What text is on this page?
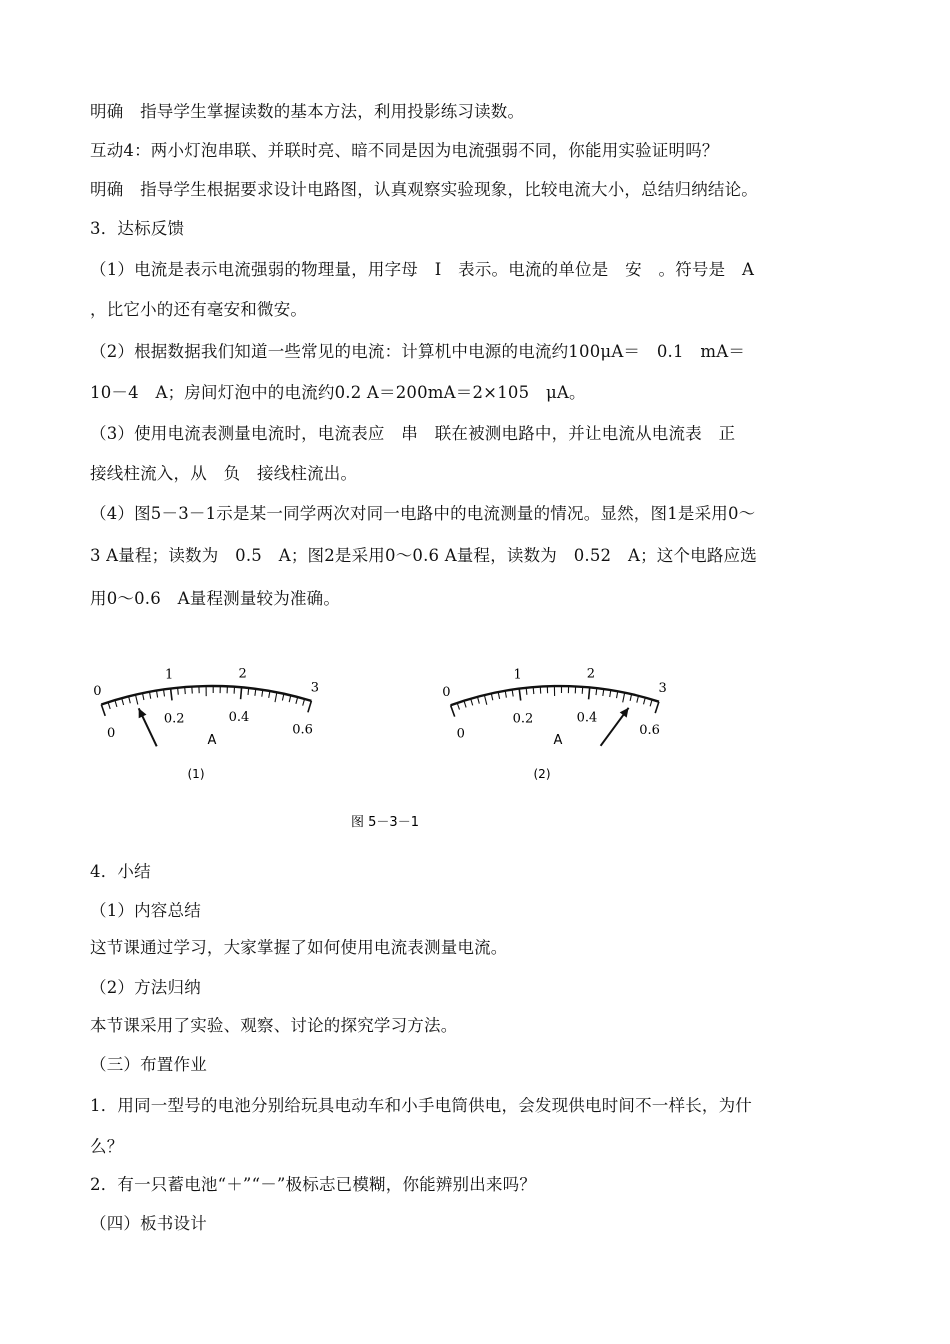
明确　指导学生掌握读数的基本方法，利用投影练习读数。
互动4：两小灯泡串联、并联时亮、暗不同是因为电流强弱不同，你能用实验证明吗？
明确　指导学生根据要求设计电路图，认真观察实验现象，比较电流大小，总结归纳结论。
3．达标反馈
（1）电流是表示电流强弱的物理量，用字母　I　表示。电流的单位是　安　。符号是　A
，比它小的还有毫安和微安。
（2）根据数据我们知道一些常见的电流：计算机中电源的电流约100μA＝　0.1　mA＝
10－4　A；房间灯泡中的电流约0.2 A＝200mA＝2×105　μA。
（3）使用电流表测量电流时，电流表应　串　联在被测电路中，并让电流从电流表　正
接线柱流入，从　负　接线柱流出。
（4）图5－3－1示是某一同学两次对同一电路中的电流测量的情况。显然，图1是采用0～
3 A量程；读数为　0.5　A；图2是采用0～0.6 A量程，读数为　0.52　A；这个电路应选
用0～0.6　A量程测量较为准确。
0
1	2
3
0
0.2	0.4
0.6
A
(1)
0
1	2
3
0
0.2	0.4
0.6
A
(2)
图 5－3－1
4．小结
（1）内容总结
这节课通过学习，大家掌握了如何使用电流表测量电流。
（2）方法归纳
本节课采用了实验、观察、讨论的探究学习方法。
（三）布置作业
1．用同一型号的电池分别给玩具电动车和小手电筒供电，会发现供电时间不一样长，为什
么？
2．有一只蓄电池“＋”“－”极标志已模糊，你能辨别出来吗？
（四）板书设计
